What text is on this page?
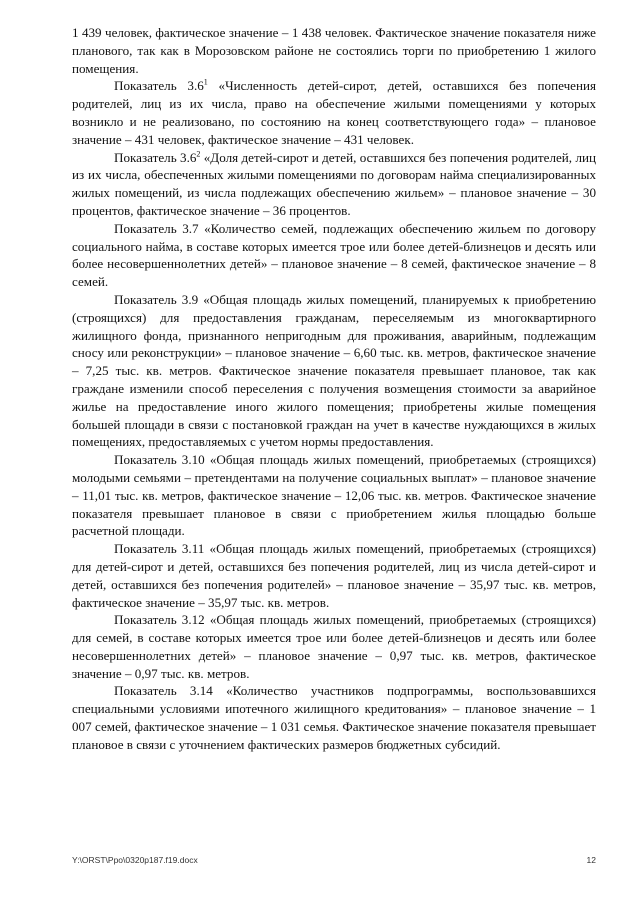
1 439 человек, фактическое значение – 1 438 человек. Фактическое значение показателя ниже планового, так как в Морозовском районе не состоялись торги по приобретению 1 жилого помещения.

Показатель $3.6^1$ «Численность детей-сирот, детей, оставшихся без попечения родителей, лиц из их числа, право на обеспечение жилыми помещениями у которых возникло и не реализовано, по состоянию на конец соответствующего года» – плановое значение – 431 человек, фактическое значение – 431 человек.

Показатель $3.6^2$ «Доля детей-сирот и детей, оставшихся без попечения родителей, лиц из их числа, обеспеченных жилыми помещениями по договорам найма специализированных жилых помещений, из числа подлежащих обеспечению жильем» – плановое значение – 30 процентов, фактическое значение – 36 процентов.

Показатель 3.7 «Количество семей, подлежащих обеспечению жильем по договору социального найма, в составе которых имеется трое или более детей-близнецов и десять или более несовершеннолетних детей» – плановое значение – 8 семей, фактическое значение – 8 семей.

Показатель 3.9 «Общая площадь жилых помещений, планируемых к приобретению (строящихся) для предоставления гражданам, переселяемым из многоквартирного жилищного фонда, признанного непригодным для проживания, аварийным, подлежащим сносу или реконструкции» – плановое значение – 6,60 тыс. кв. метров, фактическое значение – 7,25 тыс. кв. метров. Фактическое значение показателя превышает плановое, так как граждане изменили способ переселения с получения возмещения стоимости за аварийное жилье на предоставление иного жилого помещения; приобретены жилые помещения большей площади в связи с постановкой граждан на учет в качестве нуждающихся в жилых помещениях, предоставляемых с учетом нормы предоставления.

Показатель 3.10 «Общая площадь жилых помещений, приобретаемых (строящихся) молодыми семьями – претендентами на получение социальных выплат» – плановое значение – 11,01 тыс. кв. метров, фактическое значение – 12,06 тыс. кв. метров. Фактическое значение показателя превышает плановое в связи с приобретением жилья площадью больше расчетной площади.

Показатель 3.11 «Общая площадь жилых помещений, приобретаемых (строящихся) для детей-сирот и детей, оставшихся без попечения родителей, лиц из числа детей-сирот и детей, оставшихся без попечения родителей» – плановое значение – 35,97 тыс. кв. метров, фактическое значение – 35,97 тыс. кв. метров.

Показатель 3.12 «Общая площадь жилых помещений, приобретаемых (строящихся) для семей, в составе которых имеется трое или более детей-близнецов и десять или более несовершеннолетних детей» – плановое значение – 0,97 тыс. кв. метров, фактическое значение – 0,97 тыс. кв. метров.

Показатель 3.14 «Количество участников подпрограммы, воспользовавшихся специальными условиями ипотечного жилищного кредитования» – плановое значение – 1 007 семей, фактическое значение – 1 031 семья. Фактическое значение показателя превышает плановое в связи с уточнением фактических размеров бюджетных субсидий.

Y:\ORST\Ppo\0320p187.f19.docx	12
